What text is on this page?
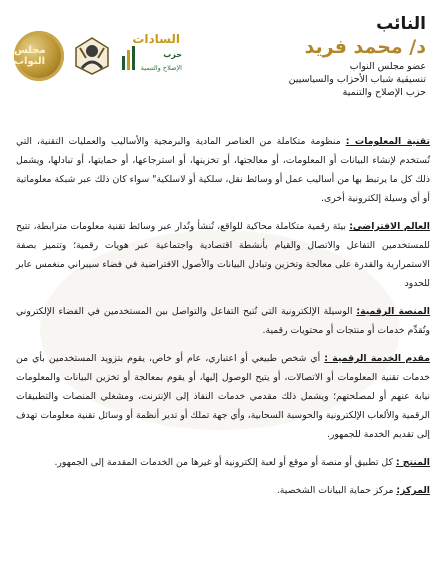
مجلس النواب
السادات
حزب
الإصلاح والتنمية
النائب
د/ محمد فريد
عضو مجلس النواب
تنسيقية شباب الأحزاب والسياسيين
حزب الإصلاح والتنمية

تقنية المعلومات : منظومة متكاملة من العناصر المادية والبرمجية والأساليب والعمليات التقنية، التي تُستخدم لإنشاء البيانات أو المعلومات، أو معالجتها، أو تخزينها، أو استرجاعها، أو حمايتها، أو تبادلها، ويشمل ذلك كل ما يرتبط بها من أساليب عمل أو وسائط نقل، سلكية أو لاسلكية" سواء كان ذلك عبر شبكة معلوماتية أو أي وسيلة إلكترونية أخرى.

العالم الافتراضي: بيئة رقمية متكاملة محاكية للواقع، تُنشأ وتُدار عبر وسائط تقنية معلومات مترابطة، تتيح للمستخدمين التفاعل والاتصال والقيام بأنشطة اقتصادية واجتماعية عبر هويات رقمية؛ وتتميز بصفة الاستمرارية والقدرة على معالجة وتخزين وتبادل البيانات والأصول الافتراضية في فضاء سيبراني منغمس عابر للحدود

المنصة الرقمية: الوسيلة الإلكترونية التي تُتيح التفاعل والتواصل بين المستخدمين في الفضاء الإلكتروني وتُقدِّم خدمات أو منتجات أو محتويات رقمية.

مقدم الخدمة الرقمية : أي شخص طبيعي أو اعتباري، عام أو خاص، يقوم بتزويد المستخدمين بأي من خدمات تقنية المعلومات أو الاتصالات، أو يتيح الوصول إليها، أو يقوم بمعالجة أو تخزين البيانات والمعلومات نيابة عنهم أو لمصلحتهم؛ ويشمل ذلك مقدمي خدمات النفاذ إلى الإنترنت، ومشغلي المنصات والتطبيقات الرقمية والألعاب الإلكترونية والحوسبة السحابية، وأي جهة تملك أو تدير أنظمة أو وسائل تقنية معلومات تهدف إلى تقديم الخدمة للجمهور.

المنتج : كل تطبيق أو منصة أو موقع أو لعبة إلكترونية أو غيرها من الخدمات المقدمة إلى الجمهور.

المركز: مركز حماية البيانات الشخصية.
